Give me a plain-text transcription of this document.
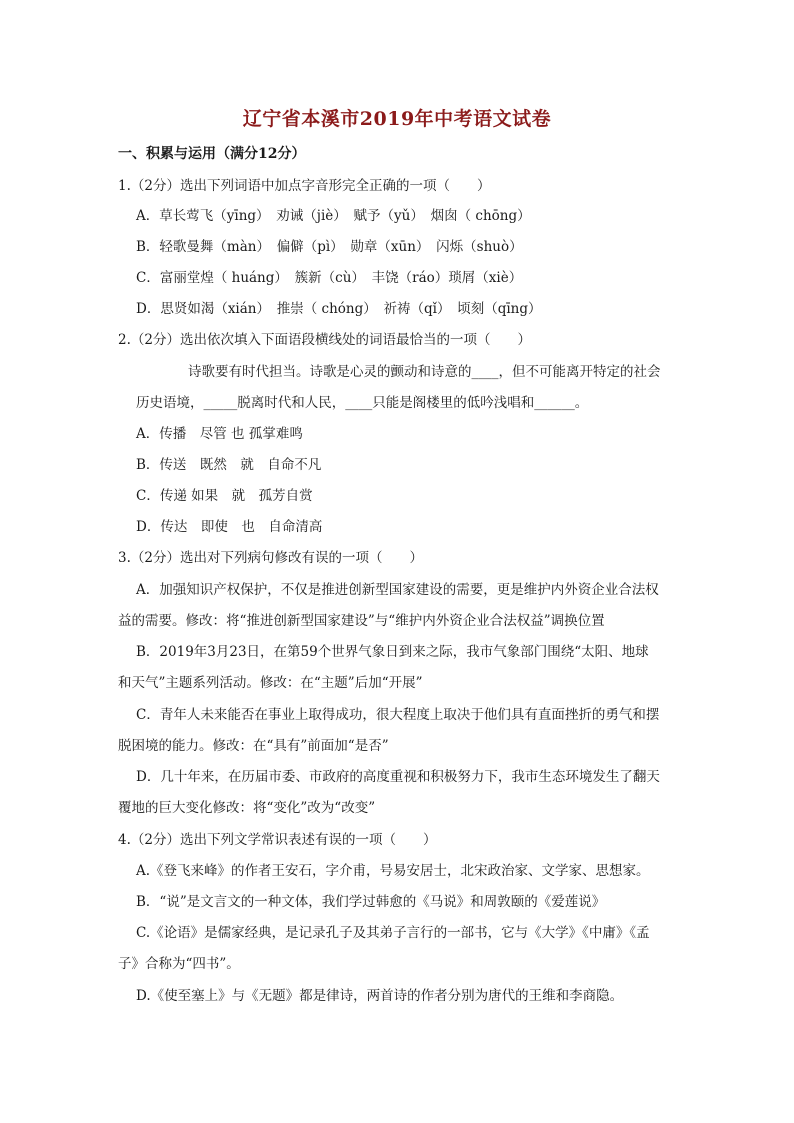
辽宁省本溪市2019年中考语文试卷
一、积累与运用（满分12分）
1.（2分）选出下列词语中加点字音形完全正确的一项（　　）
A．草长莺飞（yīng）　劝诫（jiè）　赋予（yǔ）　烟囱（ chōng）
B．轻歌曼舞（màn）　偏僻（pì）　勋章（xūn）　闪烁（shuò）
C．富丽堂煌（ huáng）　簇新（cù）　丰饶（ráo）琐屑（xiè）
D．思贤如渴（xián）　推崇（ chóng）　祈祷（qǐ）　顷刻（qīng）
2.（2分）选出依次填入下面语段横线处的词语最恰当的一项（　　）
诗歌要有时代担当。诗歌是心灵的颤动和诗意的____，但不可能离开特定的社会
历史语境，_____脱离时代和人民，____只能是阁楼里的低吟浅唱和______。
A．传播　尽管 也 孤掌难鸣
B．传送　既然　就　自命不凡
C．传递 如果　就　孤芳自赏
D．传达　即使　也　自命清高
3.（2分）选出对下列病句修改有误的一项（　　）
A．加强知识产权保护，不仅是推进创新型国家建设的需要，更是维护内外资企业合法权
益的需要。修改：将“推进创新型国家建设”与“维护内外资企业合法权益”调换位置
B．2019年3月23日，在第59个世界气象日到来之际，我市气象部门围绕“太阳、地球
和天气”主题系列活动。修改：在“主题”后加“开展”
C．青年人未来能否在事业上取得成功，很大程度上取决于他们具有直面挫折的勇气和摆
脱困境的能力。修改：在“具有”前面加“是否”
D．几十年来，在历届市委、市政府的高度重视和积极努力下，我市生态环境发生了翻天
覆地的巨大变化修改：将“变化”改为“改变”
4.（2分）选出下列文学常识表述有误的一项（　　）
A.《登飞来峰》的作者王安石，字介甫，号易安居士，北宋政治家、文学家、思想家。
B．“说”是文言文的一种文体，我们学过韩愈的《马说》和周敦颐的《爱莲说》
C.《论语》是儒家经典，是记录孔子及其弟子言行的一部书，它与《大学》《中庸》《孟
子》合称为“四书”。
D.《使至塞上》与《无题》都是律诗，两首诗的作者分别为唐代的王维和李商隐。
